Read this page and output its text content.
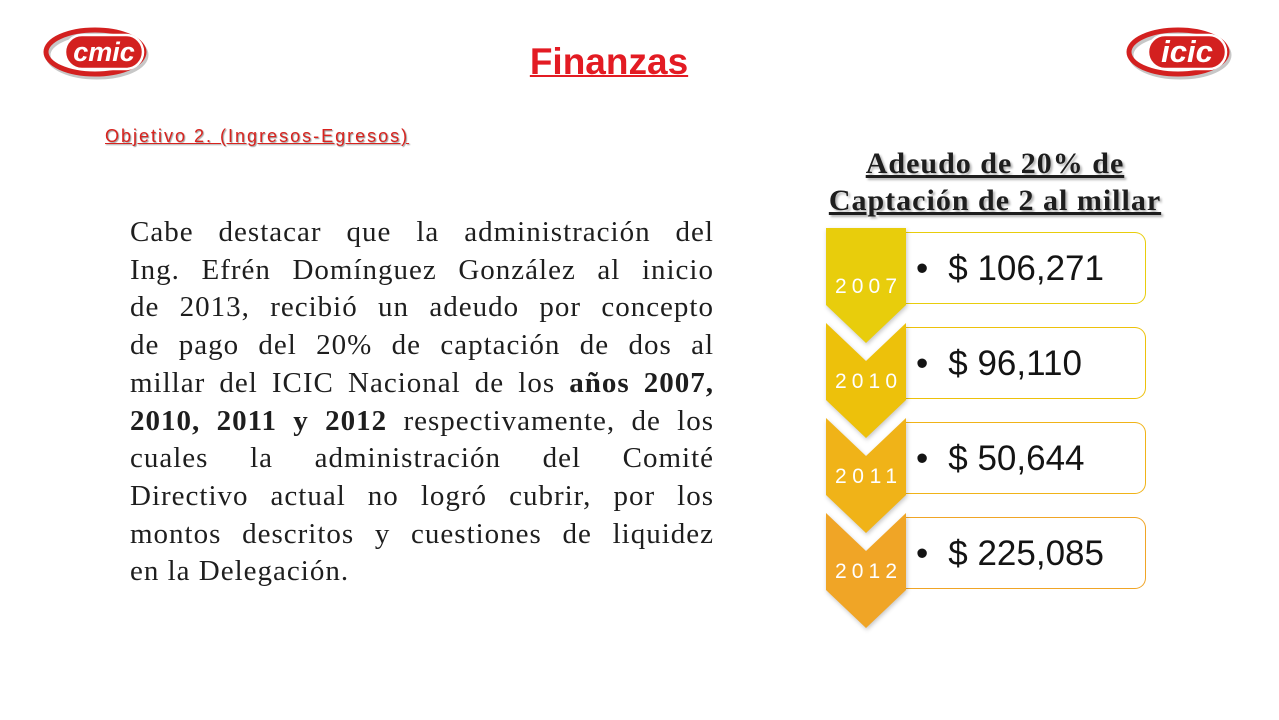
cmic	icic
Finanzas
Objetivo 2. (Ingresos-Egresos)
Cabe destacar que la administración del
Ing. Efrén Domínguez González al inicio
de 2013, recibió un adeudo por concepto
de pago del 20% de captación de dos al
millar del ICIC Nacional de los años 2007,
2010, 2011 y 2012 respectivamente, de los
cuales la administración del Comité
Directivo actual no logró cubrir, por los
montos descritos y cuestiones de liquidez
en la Delegación.
Adeudo de 20% de
Captación de 2 al millar
•
$ 106,271
•
$ 96,110
•
$ 50,644
•
$ 225,085
2007
2010
2011
2012
